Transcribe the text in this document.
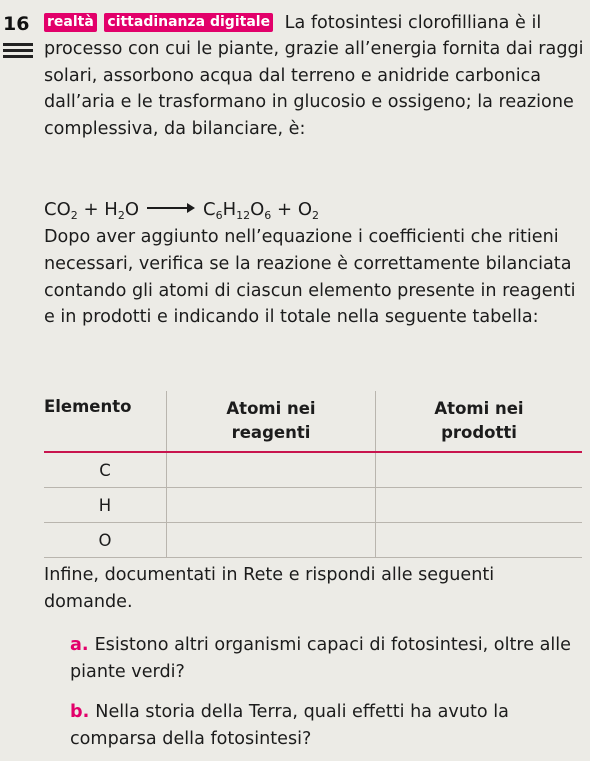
16 realtà cittadinanza digitale La fotosintesi clorofilliana è il processo con cui le piante, grazie all’energia fornita dai raggi solari, assorbono acqua dal terreno e anidride carbonica dall’aria e le trasformano in glucosio e ossigeno; la reazione complessiva, da bilanciare, è:
$CO_2 + H_2O$	$C_6H_{12}O_6 + O_2$
Dopo aver aggiunto nell’equazione i coefficienti che ritieni necessari, verifica se la reazione è correttamente bilanciata contando gli atomi di ciascun elemento presente in reagenti e in prodotti e indicando il totale nella seguente tabella:
Elemento	Atomi nei reagenti	Atomi nei prodotti
C		
H		
O		
Infine, documentati in Rete e rispondi alle seguenti domande.
a. Esistono altri organismi capaci di fotosintesi, oltre alle piante verdi?
b. Nella storia della Terra, quali effetti ha avuto la comparsa della fotosintesi?
